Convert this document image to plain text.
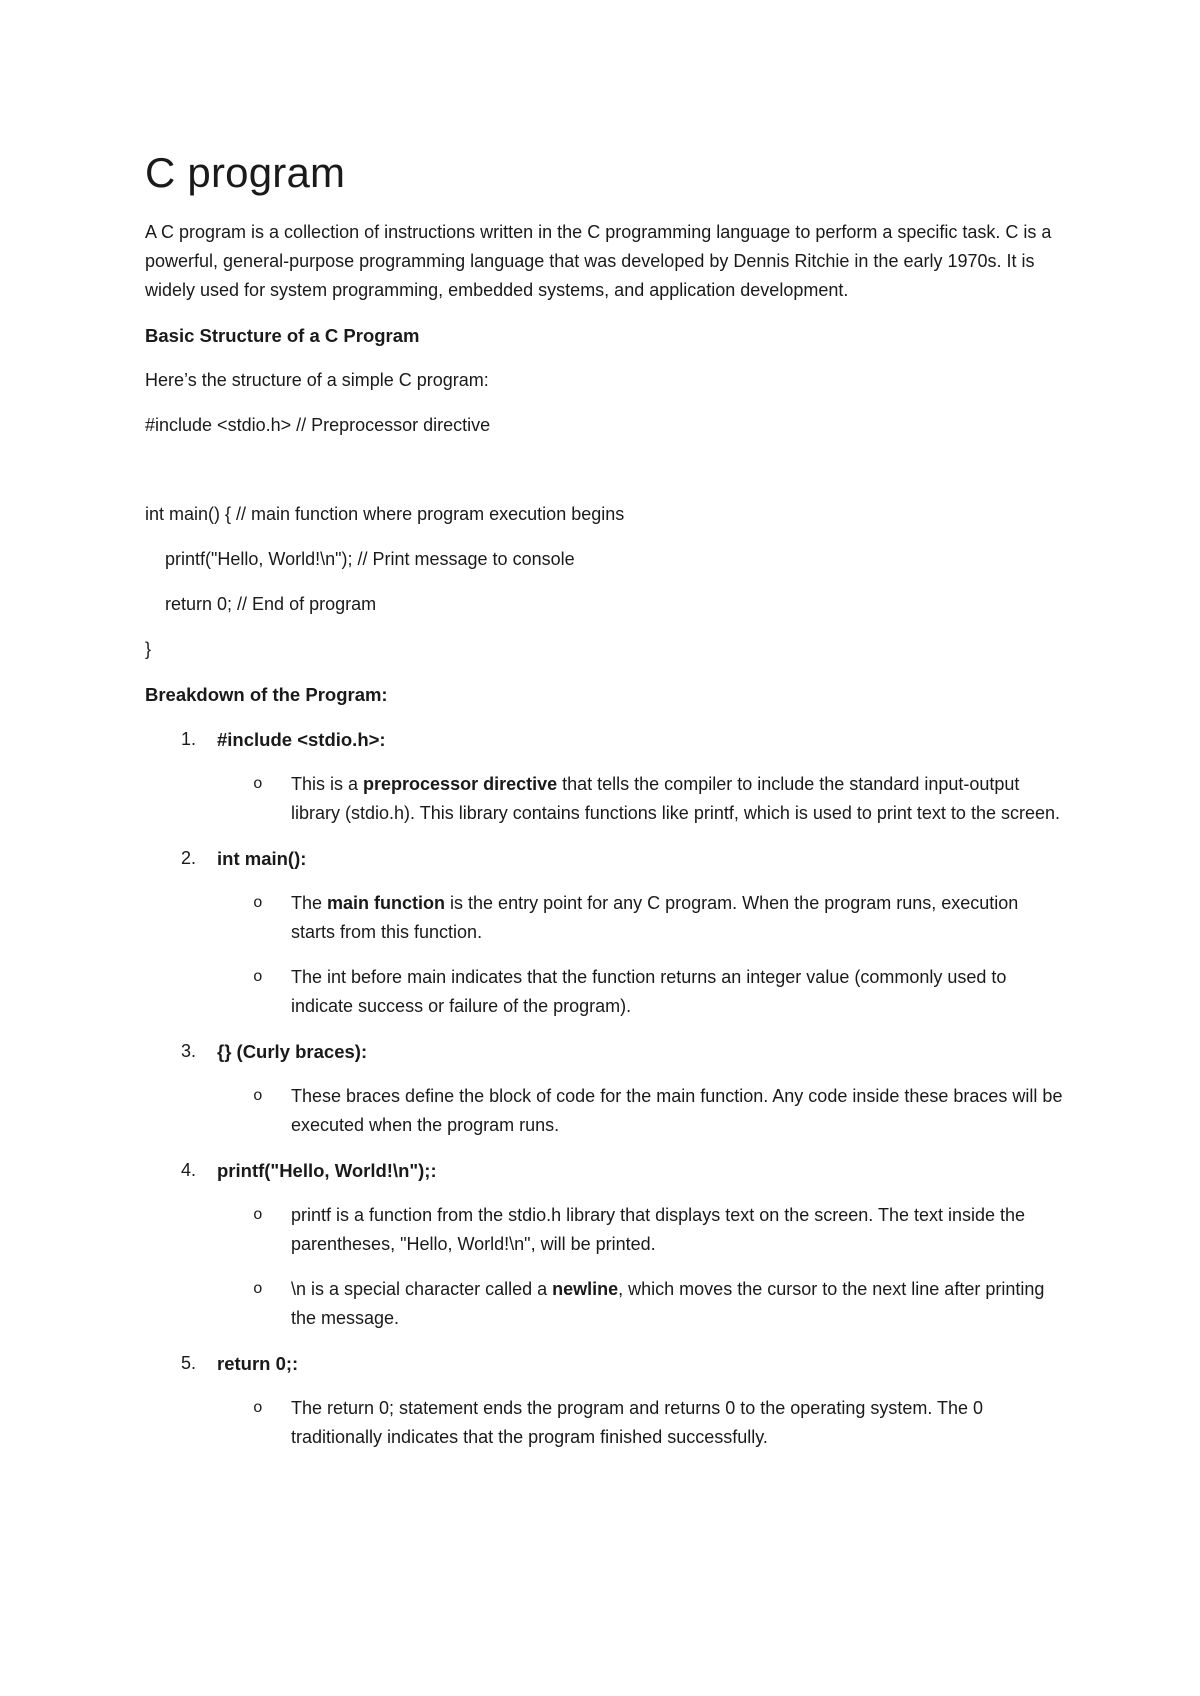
C program

A C program is a collection of instructions written in the C programming language to perform a specific task. C is a powerful, general-purpose programming language that was developed by Dennis Ritchie in the early 1970s. It is widely used for system programming, embedded systems, and application development.

Basic Structure of a C Program

Here’s the structure of a simple C program:

#include <stdio.h> // Preprocessor directive

int main() { // main function where program execution begins

printf("Hello, World!\n"); // Print message to console

return 0; // End of program

}

Breakdown of the Program:

1. #include <stdio.h>:
o This is a preprocessor directive that tells the compiler to include the standard input-output library (stdio.h). This library contains functions like printf, which is used to print text to the screen.
2. int main():
o The main function is the entry point for any C program. When the program runs, execution starts from this function.
o The int before main indicates that the function returns an integer value (commonly used to indicate success or failure of the program).
3. {} (Curly braces):
o These braces define the block of code for the main function. Any code inside these braces will be executed when the program runs.
4. printf("Hello, World!\n");:
o printf is a function from the stdio.h library that displays text on the screen. The text inside the parentheses, "Hello, World!\n", will be printed.
o \n is a special character called a newline, which moves the cursor to the next line after printing the message.
5. return 0;:
o The return 0; statement ends the program and returns 0 to the operating system. The 0 traditionally indicates that the program finished successfully.
